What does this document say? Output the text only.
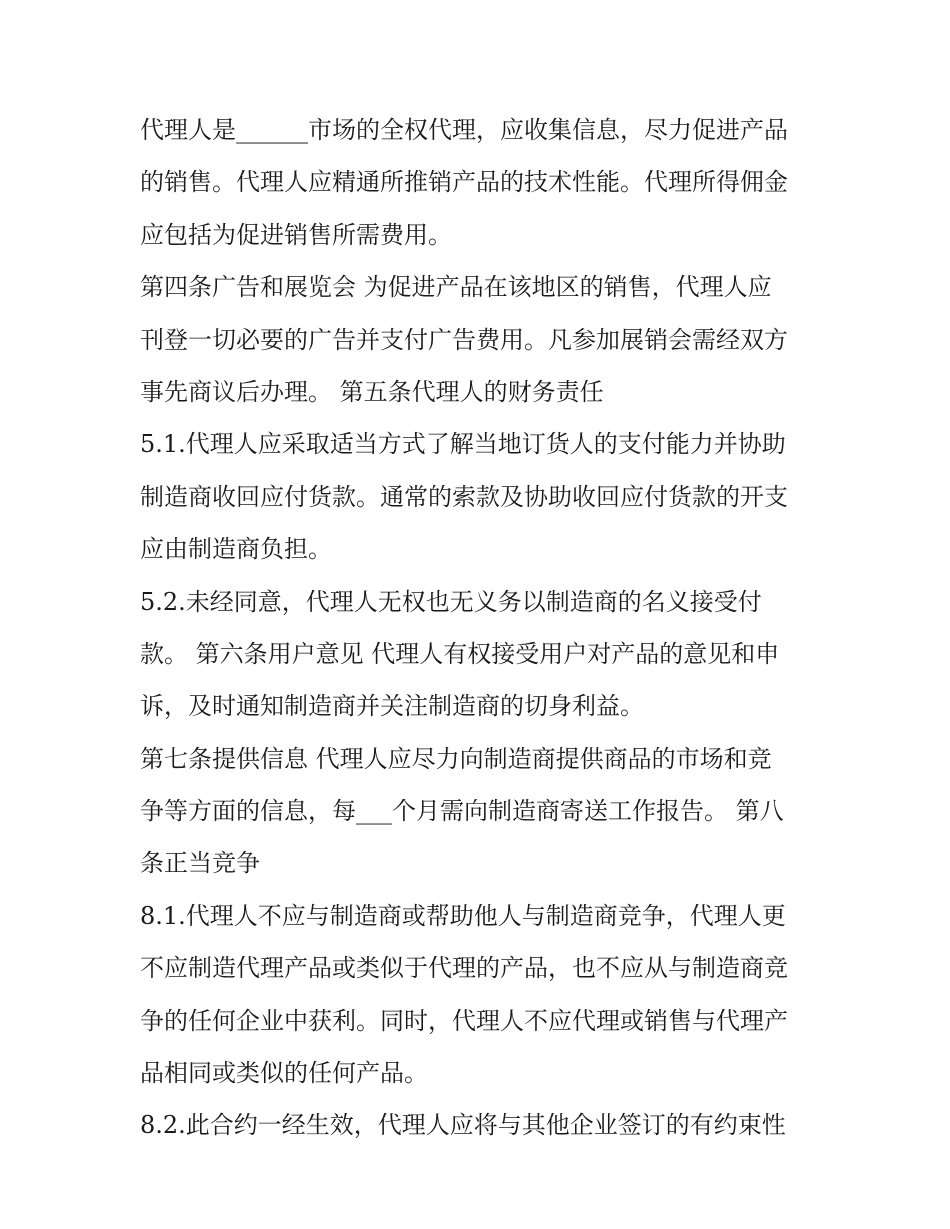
代理人是______市场的全权代理，应收集信息，尽力促进产品
的销售。代理人应精通所推销产品的技术性能。代理所得佣金
应包括为促进销售所需费用。
第四条广告和展览会 为促进产品在该地区的销售，代理人应
刊登一切必要的广告并支付广告费用。凡参加展销会需经双方
事先商议后办理。 第五条代理人的财务责任
5.1.代理人应采取适当方式了解当地订货人的支付能力并协助
制造商收回应付货款。通常的索款及协助收回应付货款的开支
应由制造商负担。
5.2.未经同意，代理人无权也无义务以制造商的名义接受付
款。 第六条用户意见 代理人有权接受用户对产品的意见和申
诉，及时通知制造商并关注制造商的切身利益。
第七条提供信息 代理人应尽力向制造商提供商品的市场和竞
争等方面的信息，每___个月需向制造商寄送工作报告。 第八
条正当竞争
8.1.代理人不应与制造商或帮助他人与制造商竞争，代理人更
不应制造代理产品或类似于代理的产品，也不应从与制造商竞
争的任何企业中获利。同时，代理人不应代理或销售与代理产
品相同或类似的任何产品。
8.2.此合约一经生效，代理人应将与其他企业签订的有约束性
